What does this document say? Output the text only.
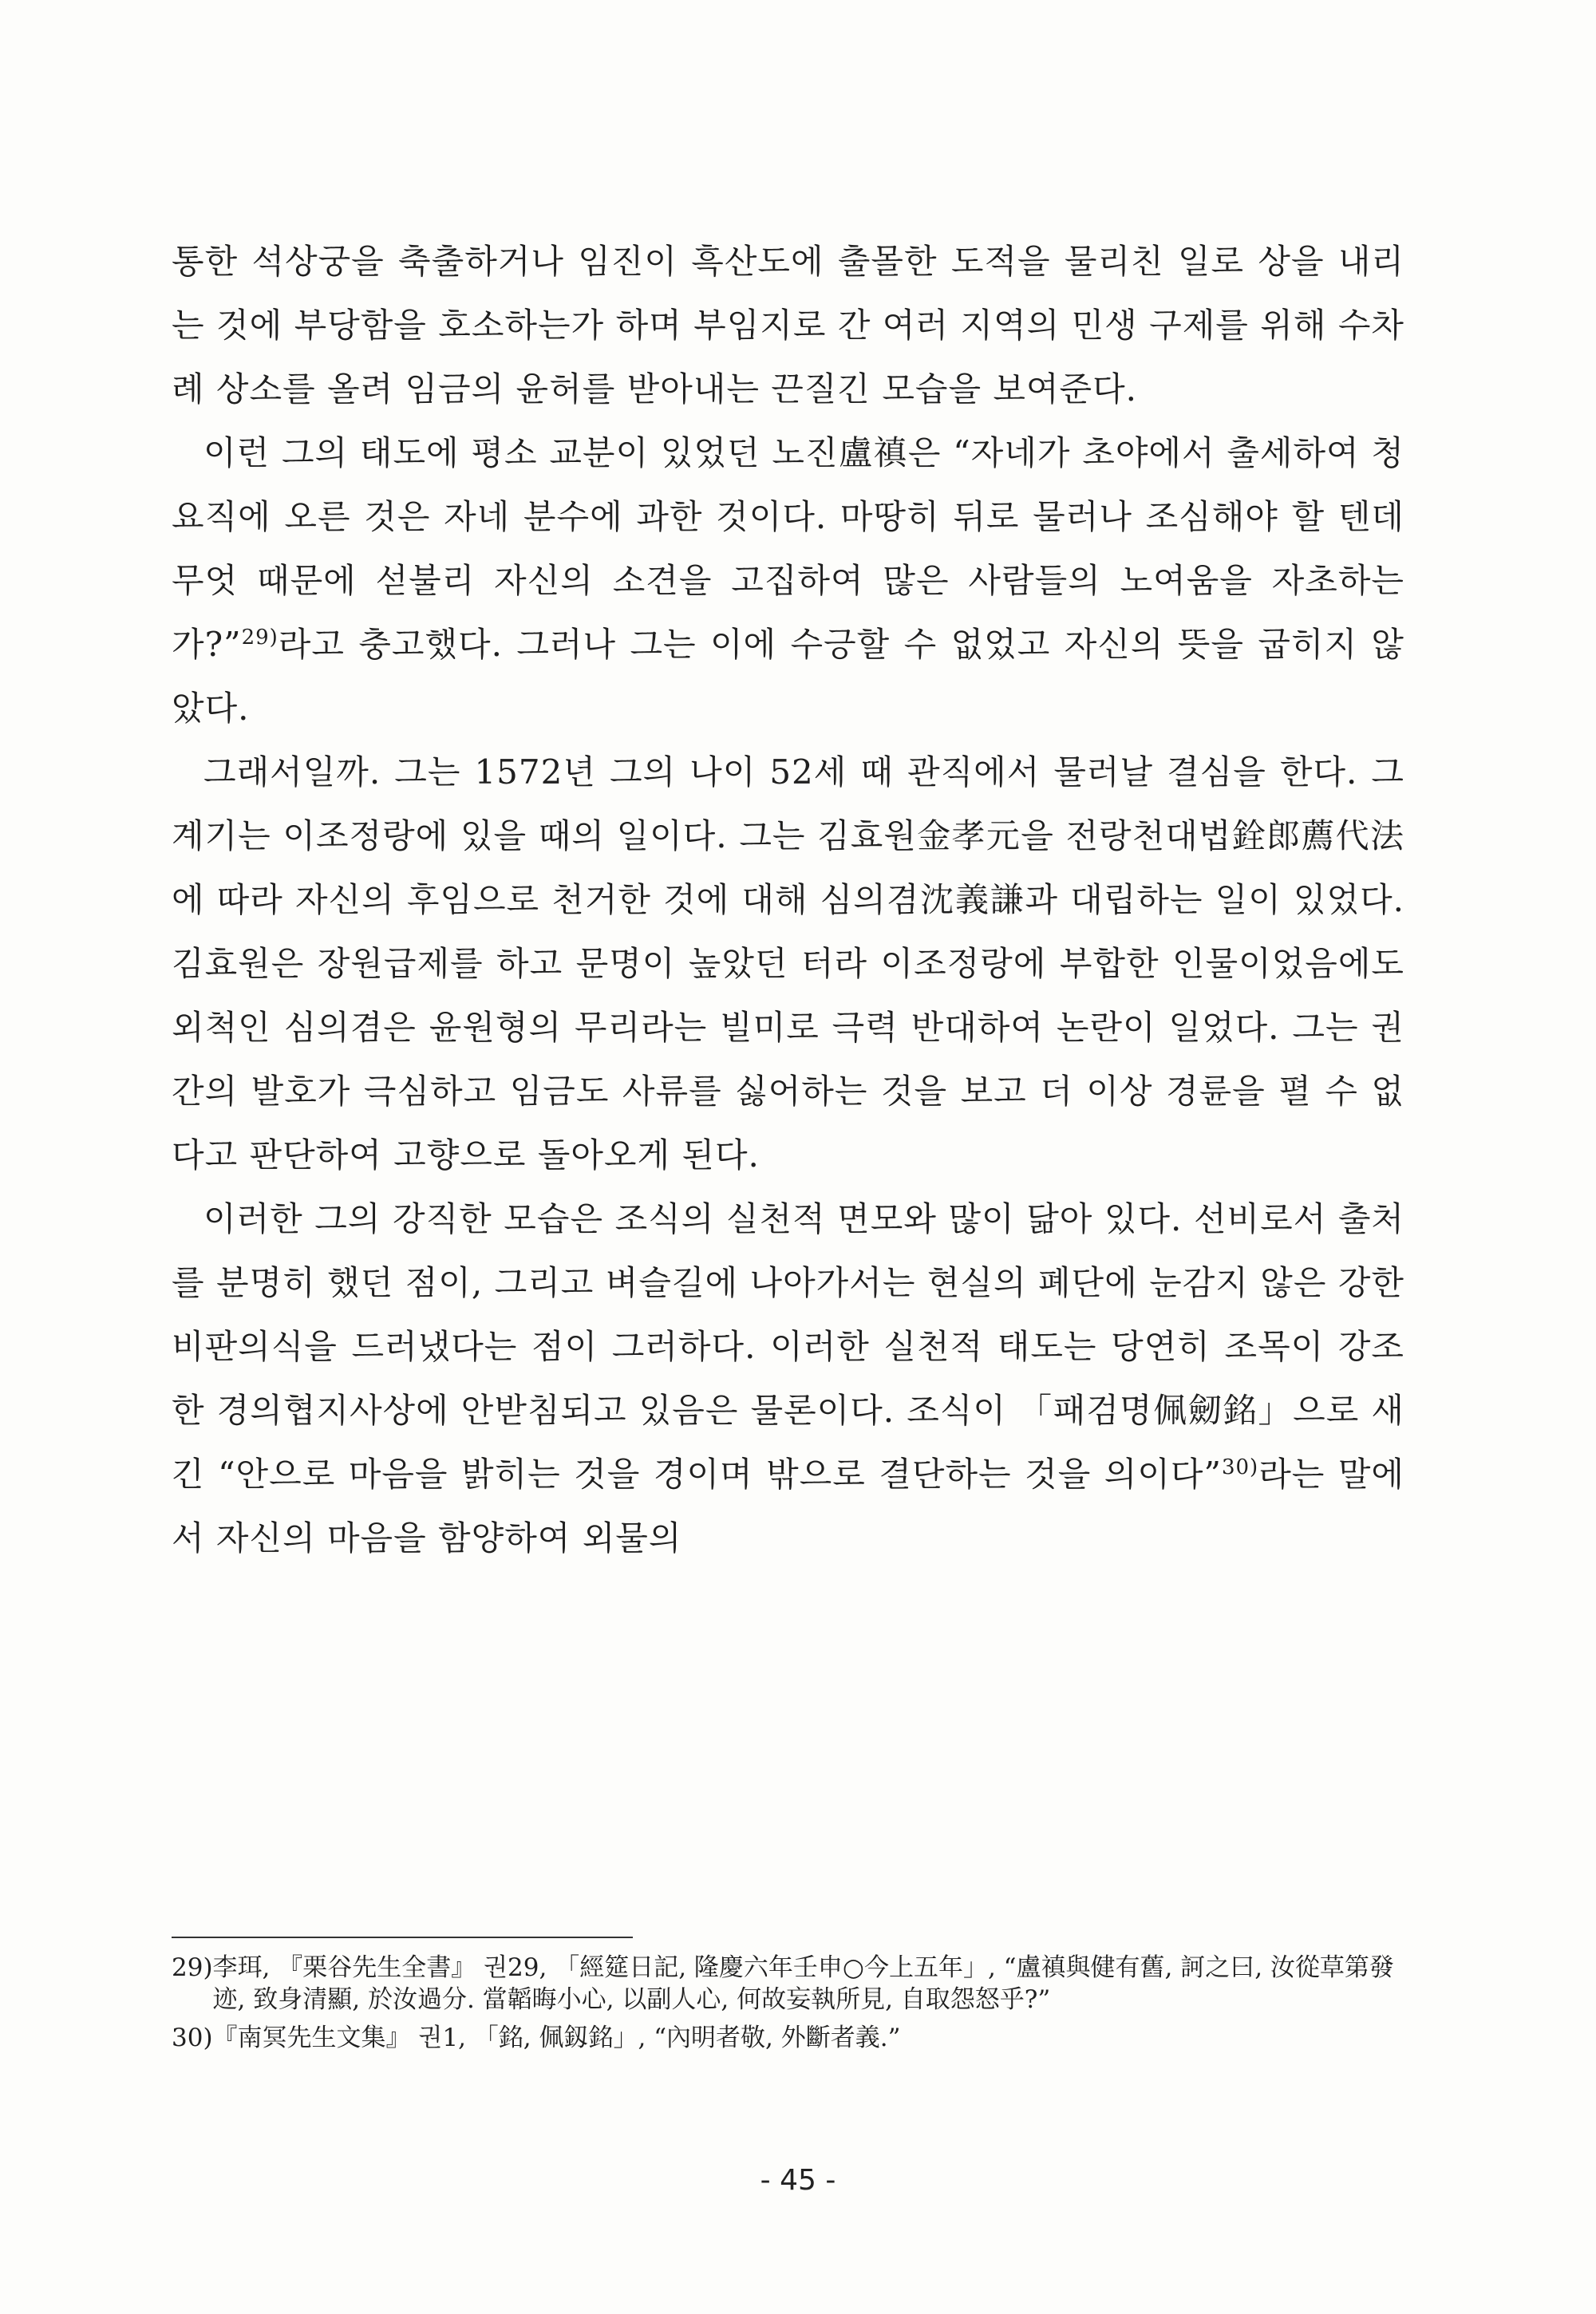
통한 석상궁을 축출하거나 임진이 흑산도에 출몰한 도적을 물리친 일로 상을 내리는 것에 부당함을 호소하는가 하며 부임지로 간 여러 지역의 민생 구제를 위해 수차례 상소를 올려 임금의 윤허를 받아내는 끈질긴 모습을 보여준다.

이런 그의 태도에 평소 교분이 있었던 노진盧禛은 “자네가 초야에서 출세하여 청요직에 오른 것은 자네 분수에 과한 것이다. 마땅히 뒤로 물러나 조심해야 할 텐데 무엇 때문에 섣불리 자신의 소견을 고집하여 많은 사람들의 노여움을 자초하는가?”$^{29)}$라고 충고했다. 그러나 그는 이에 수긍할 수 없었고 자신의 뜻을 굽히지 않았다.

그래서일까. 그는 1572년 그의 나이 52세 때 관직에서 물러날 결심을 한다. 그 계기는 이조정랑에 있을 때의 일이다. 그는 김효원金孝元을 전랑천대법銓郎薦代法에 따라 자신의 후임으로 천거한 것에 대해 심의겸沈義謙과 대립하는 일이 있었다. 김효원은 장원급제를 하고 문명이 높았던 터라 이조정랑에 부합한 인물이었음에도 외척인 심의겸은 윤원형의 무리라는 빌미로 극력 반대하여 논란이 일었다. 그는 권간의 발호가 극심하고 임금도 사류를 싫어하는 것을 보고 더 이상 경륜을 펼 수 없다고 판단하여 고향으로 돌아오게 된다.

이러한 그의 강직한 모습은 조식의 실천적 면모와 많이 닮아 있다. 선비로서 출처를 분명히 했던 점이, 그리고 벼슬길에 나아가서는 현실의 폐단에 눈감지 않은 강한 비판의식을 드러냈다는 점이 그러하다. 이러한 실천적 태도는 당연히 조목이 강조한 경의협지사상에 안받침되고 있음은 물론이다. 조식이 「패검명佩劒銘」으로 새긴 “안으로 마음을 밝히는 것을 경이며 밖으로 결단하는 것을 의이다”$^{30)}$라는 말에서 자신의 마음을 함양하여 외물의

29) 李珥, 『栗谷先生全書』 권29, 「經筵日記, 隆慶六年壬申○今上五年」, “盧禛與健有舊, 訶之曰, 汝從草第發迹, 致身清顯, 於汝過分. 當韜晦小心, 以副人心, 何故妄執所見, 自取怨怒乎?”
30) 『南冥先生文集』 권1, 「銘, 佩釼銘」, “內明者敬, 外斷者義.”
- 45 -
